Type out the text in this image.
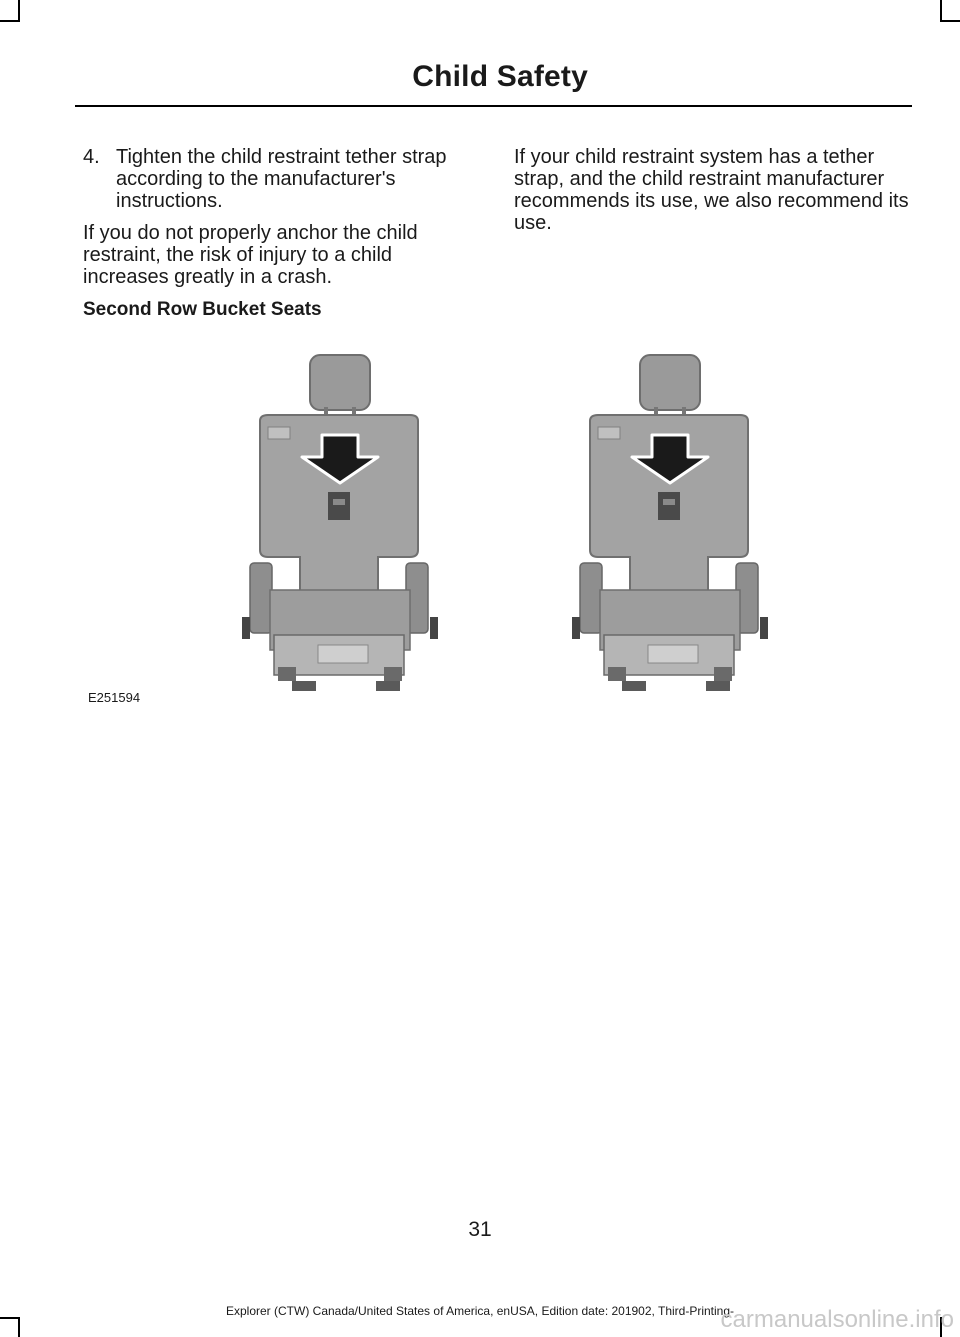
Child Safety
4. Tighten the child restraint tether strap according to the manufacturer's instructions.

If you do not properly anchor the child restraint, the risk of injury to a child increases greatly in a crash.

Second Row Bucket Seats

If your child restraint system has a tether strap, and the child restraint manufacturer recommends its use, we also recommend its use.

E251594
31
Explorer (CTW) Canada/United States of America, enUSA, Edition date: 201902, Third-Printing-
carmanualsonline.info
